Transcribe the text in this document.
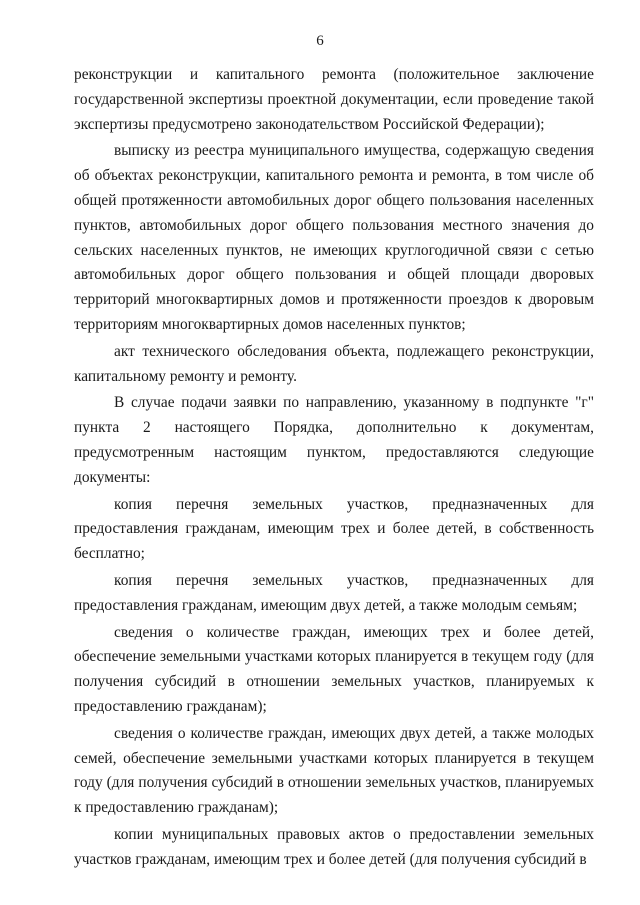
6

реконструкции и капитального ремонта (положительное заключение государственной экспертизы проектной документации, если проведение такой экспертизы предусмотрено законодательством Российской Федерации);

выписку из реестра муниципального имущества, содержащую сведения об объектах реконструкции, капитального ремонта и ремонта, в том числе об общей протяженности автомобильных дорог общего пользования населенных пунктов, автомобильных дорог общего пользования местного значения до сельских населенных пунктов, не имеющих круглогодичной связи с сетью автомобильных дорог общего пользования и общей площади дворовых территорий многоквартирных домов и протяженности проездов к дворовым территориям многоквартирных домов населенных пунктов;

акт технического обследования объекта, подлежащего реконструкции, капитальному ремонту и ремонту.

В случае подачи заявки по направлению, указанному в подпункте "г" пункта 2 настоящего Порядка, дополнительно к документам, предусмотренным настоящим пунктом, предоставляются следующие документы:

копия перечня земельных участков, предназначенных для предоставления гражданам, имеющим трех и более детей, в собственность бесплатно;

копия перечня земельных участков, предназначенных для предоставления гражданам, имеющим двух детей, а также молодым семьям;

сведения о количестве граждан, имеющих трех и более детей, обеспечение земельными участками которых планируется в текущем году (для получения субсидий в отношении земельных участков, планируемых к предоставлению гражданам);

сведения о количестве граждан, имеющих двух детей, а также молодых семей, обеспечение земельными участками которых планируется в текущем году (для получения субсидий в отношении земельных участков, планируемых к предоставлению гражданам);

копии муниципальных правовых актов о предоставлении земельных участков гражданам, имеющим трех и более детей (для получения субсидий в
